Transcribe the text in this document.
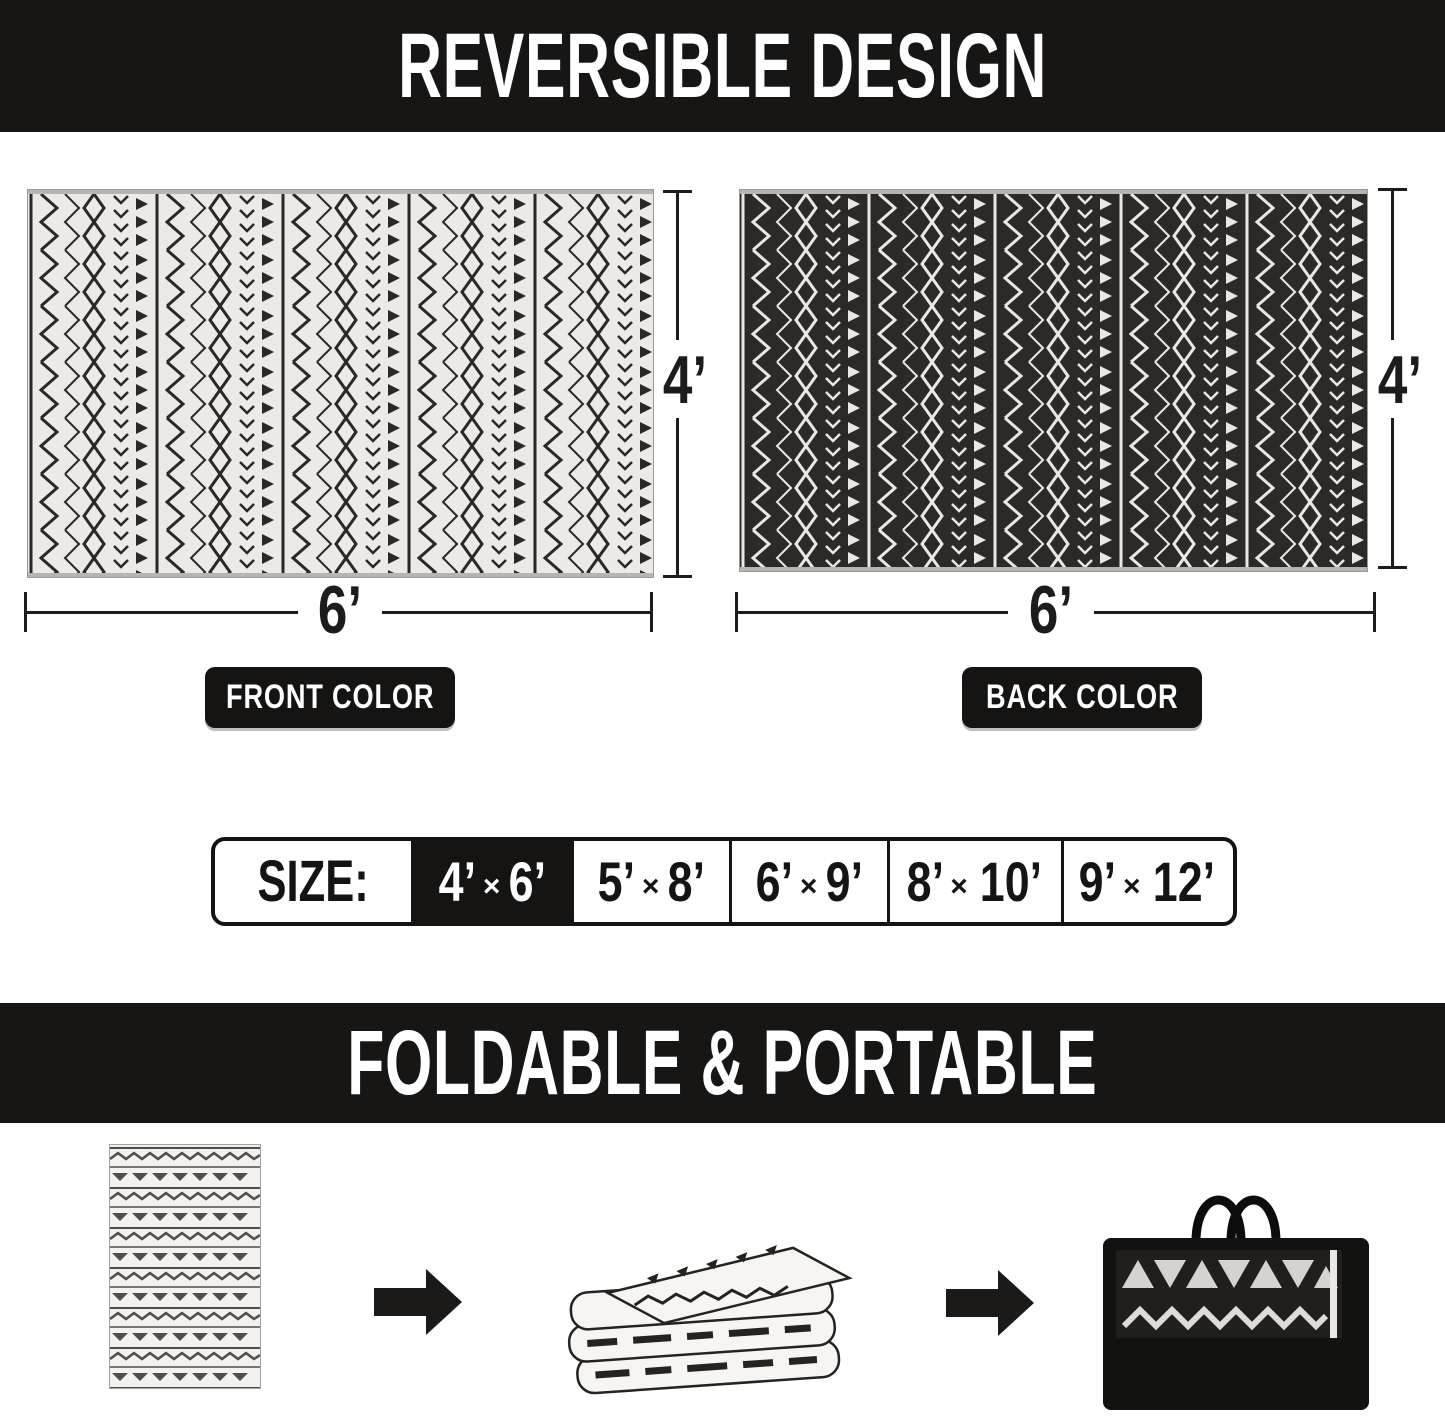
REVERSIBLE DESIGN
4’
6’
4’
6’
FRONT COLOR	BACK COLOR
SIZE: 4’ × 6’ 5’ × 8’ 6’ × 9’ 8’ × 10’ 9’ × 12’
FOLDABLE & PORTABLE
